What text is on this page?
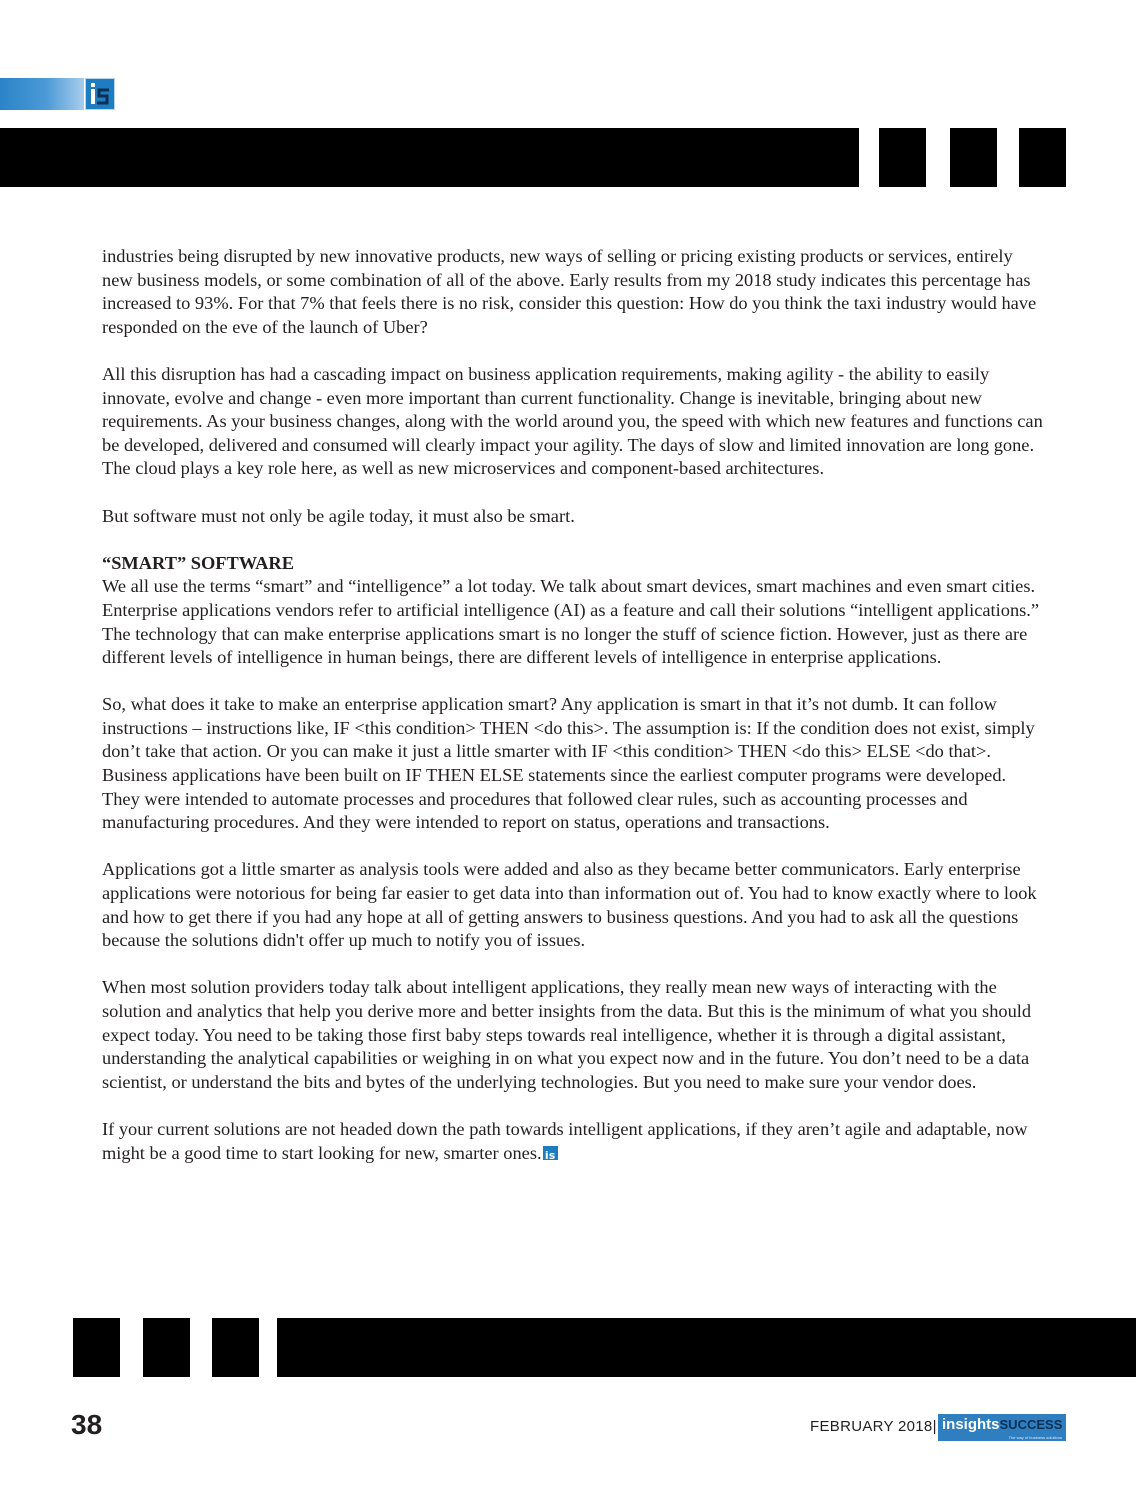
industries being disrupted by new innovative products, new ways of selling or pricing existing products or services, entirely new business models, or some combination of all of the above. Early results from my 2018 study indicates this percentage has increased to 93%. For that 7% that feels there is no risk, consider this question: How do you think the taxi industry would have responded on the eve of the launch of Uber?

All this disruption has had a cascading impact on business application requirements, making agility - the ability to easily innovate, evolve and change - even more important than current functionality. Change is inevitable, bringing about new requirements. As your business changes, along with the world around you, the speed with which new features and functions can be developed, delivered and consumed will clearly impact your agility. The days of slow and limited innovation are long gone. The cloud plays a key role here, as well as new microservices and component-based architectures.

But software must not only be agile today, it must also be smart.

“SMART” SOFTWARE

We all use the terms “smart” and “intelligence” a lot today. We talk about smart devices, smart machines and even smart cities. Enterprise applications vendors refer to artificial intelligence (AI) as a feature and call their solutions “intelligent applications.” The technology that can make enterprise applications smart is no longer the stuff of science fiction. However, just as there are different levels of intelligence in human beings, there are different levels of intelligence in enterprise applications.

So, what does it take to make an enterprise application smart? Any application is smart in that it’s not dumb. It can follow instructions – instructions like, IF <this condition> THEN <do this>. The assumption is: If the condition does not exist, simply don’t take that action. Or you can make it just a little smarter with IF <this condition> THEN <do this> ELSE <do that>. Business applications have been built on IF THEN ELSE statements since the earliest computer programs were developed. They were intended to automate processes and procedures that followed clear rules, such as accounting processes and manufacturing procedures. And they were intended to report on status, operations and transactions.

Applications got a little smarter as analysis tools were added and also as they became better communicators. Early enterprise applications were notorious for being far easier to get data into than information out of. You had to know exactly where to look and how to get there if you had any hope at all of getting answers to business questions. And you had to ask all the questions because the solutions didn't offer up much to notify you of issues.

When most solution providers today talk about intelligent applications, they really mean new ways of interacting with the solution and analytics that help you derive more and better insights from the data. But this is the minimum of what you should expect today. You need to be taking those first baby steps towards real intelligence, whether it is through a digital assistant, understanding the analytical capabilities or weighing in on what you expect now and in the future. You don’t need to be a data scientist, or understand the bits and bytes of the underlying technologies. But you need to make sure your vendor does.

If your current solutions are not headed down the path towards intelligent applications, if they aren’t agile and adaptable, now might be a good time to start looking for new, smarter ones. is

38	FEBRUARY 2018| insightsSUCCESS
The way of business solutions
